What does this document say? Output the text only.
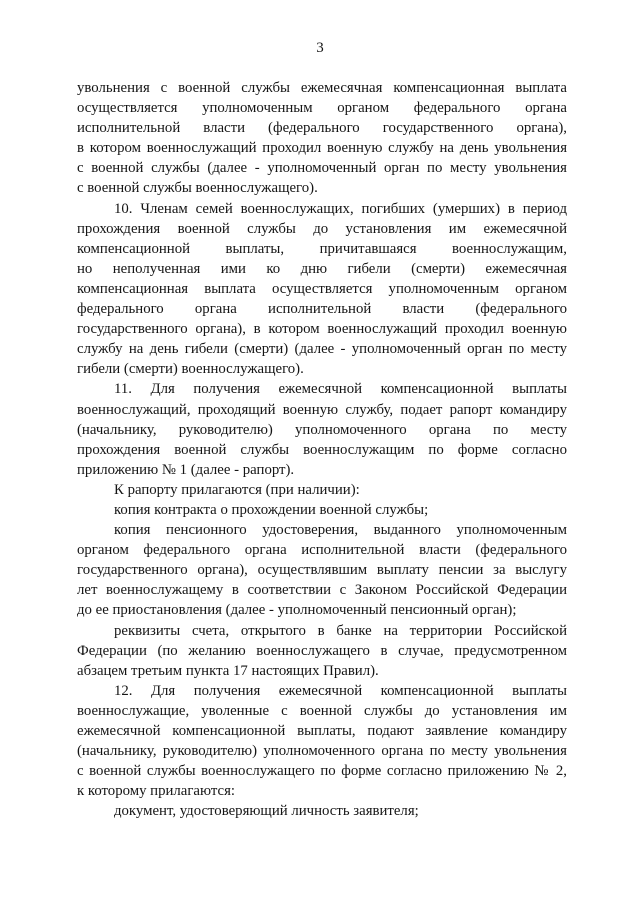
3
увольнения с военной службы ежемесячная компенсационная выплата
осуществляется уполномоченным органом федерального органа
исполнительной власти (федерального государственного органа),
в котором военнослужащий проходил военную службу на день увольнения
с военной службы (далее - уполномоченный орган по месту увольнения
с военной службы военнослужащего).
10. Членам семей военнослужащих, погибших (умерших) в период
прохождения военной службы до установления им ежемесячной
компенсационной выплаты, причитавшаяся военнослужащим,
но неполученная ими ко дню гибели (смерти) ежемесячная
компенсационная выплата осуществляется уполномоченным органом
федерального органа исполнительной власти (федерального
государственного органа), в котором военнослужащий проходил военную
службу на день гибели (смерти) (далее - уполномоченный орган по месту
гибели (смерти) военнослужащего).
11. Для получения ежемесячной компенсационной выплаты
военнослужащий, проходящий военную службу, подает рапорт командиру
(начальнику, руководителю) уполномоченного органа по месту
прохождения военной службы военнослужащим по форме согласно
приложению № 1 (далее - рапорт).
К рапорту прилагаются (при наличии):
копия контракта о прохождении военной службы;
копия пенсионного удостоверения, выданного уполномоченным
органом федерального органа исполнительной власти (федерального
государственного органа), осуществлявшим выплату пенсии за выслугу
лет военнослужащему в соответствии с Законом Российской Федерации
до ее приостановления (далее - уполномоченный пенсионный орган);
реквизиты счета, открытого в банке на территории Российской
Федерации (по желанию военнослужащего в случае, предусмотренном
абзацем третьим пункта 17 настоящих Правил).
12. Для получения ежемесячной компенсационной выплаты
военнослужащие, уволенные с военной службы до установления им
ежемесячной компенсационной выплаты, подают заявление командиру
(начальнику, руководителю) уполномоченного органа по месту увольнения
с военной службы военнослужащего по форме согласно приложению № 2,
к которому прилагаются:
документ, удостоверяющий личность заявителя;
